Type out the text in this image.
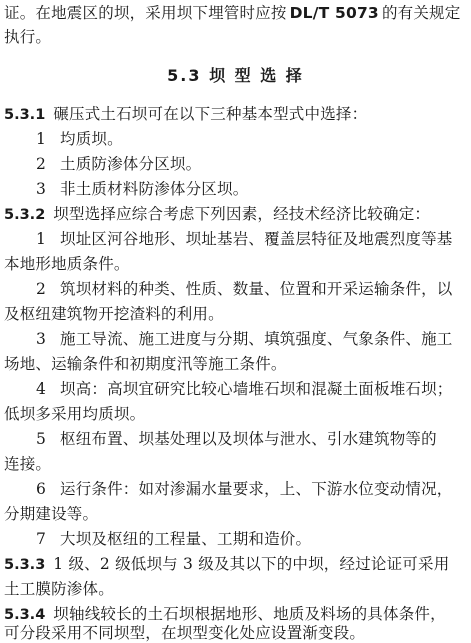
证。在地震区的坝，采用坝下埋管时应按 DL/T 5073 的有关规定
执行。
5.3 坝 型 选 择
5.3.1 碾压式土石坝可在以下三种基本型式中选择：
1 均质坝。
2 土质防渗体分区坝。
3 非土质材料防渗体分区坝。
5.3.2 坝型选择应综合考虑下列因素，经技术经济比较确定：
1 坝址区河谷地形、坝址基岩、覆盖层特征及地震烈度等基
本地形地质条件。
2 筑坝材料的种类、性质、数量、位置和开采运输条件，以
及枢纽建筑物开挖渣料的利用。
3 施工导流、施工进度与分期、填筑强度、气象条件、施工
场地、运输条件和初期度汛等施工条件。
4 坝高：高坝宜研究比较心墙堆石坝和混凝土面板堆石坝；
低坝多采用均质坝。
5 枢纽布置、坝基处理以及坝体与泄水、引水建筑物等的
连接。
6 运行条件：如对渗漏水量要求，上、下游水位变动情况，
分期建设等。
7 大坝及枢纽的工程量、工期和造价。
5.3.3 1 级、2 级低坝与 3 级及其以下的中坝，经过论证可采用
土工膜防渗体。
5.3.4 坝轴线较长的土石坝根据地形、地质及料场的具体条件，
可分段采用不同坝型，在坝型变化处应设置渐变段。
